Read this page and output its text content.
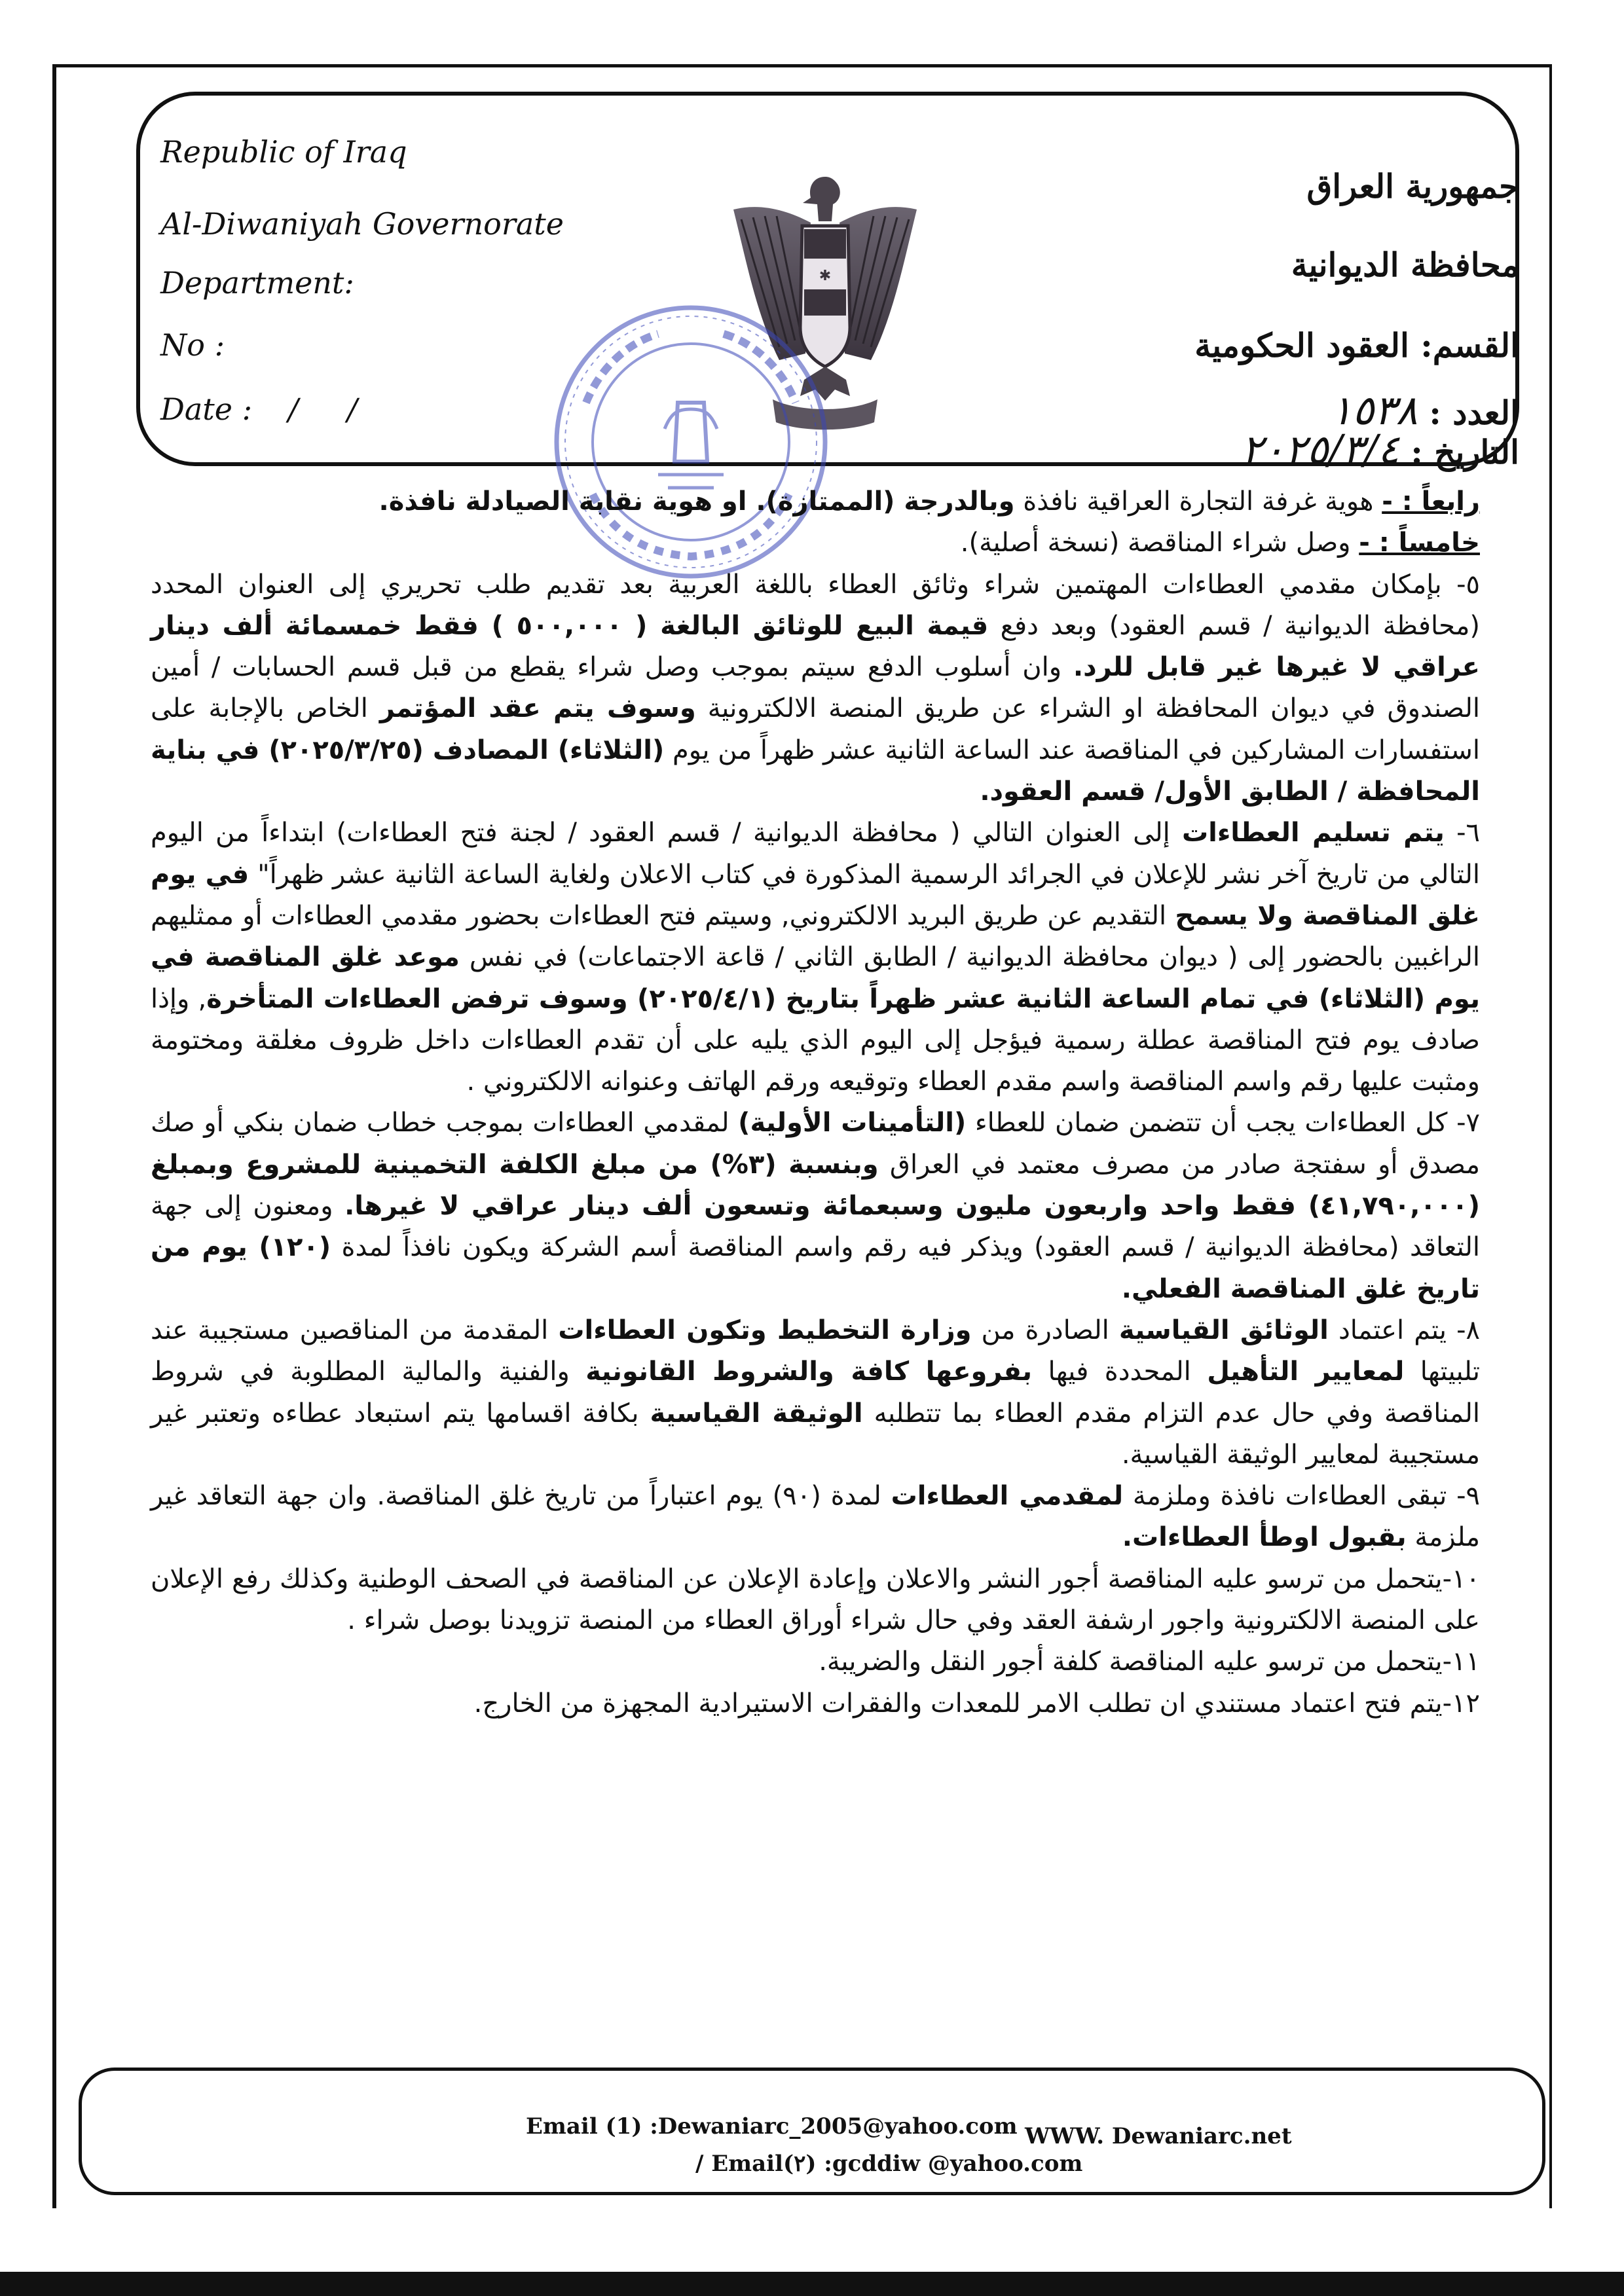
Republic of Iraq
Al-Diwaniyah Governorate
Department:
No :
Date : / /
جمهورية العراق
محافظة الديوانية
القسم: العقود الحكومية
العدد : ١٥٣٨
التاريخ : ٢٠٢٥/٣/٤
✱

رابعاً : - هوية غرفة التجارة العراقية نافذة وبالدرجة (الممتازة). او هوية نقابة الصيادلة نافذة.

خامساً : - وصل شراء المناقصة (نسخة أصلية).

٥- بإمكان مقدمي العطاءات المهتمين شراء وثائق العطاء باللغة العربية بعد تقديم طلب تحريري إلى العنوان المحدد (محافظة الديوانية / قسم العقود) وبعد دفع قيمة البيع للوثائق البالغة ( ٥٠٠,٠٠٠ ) فقط خمسمائة ألف دينار عراقي لا غيرها غير قابل للرد. وان أسلوب الدفع سيتم بموجب وصل شراء يقطع من قبل قسم الحسابات / أمين الصندوق في ديوان المحافظة او الشراء عن طريق المنصة الالكترونية وسوف يتم عقد المؤتمر الخاص بالإجابة على استفسارات المشاركين في المناقصة عند الساعة الثانية عشر ظهراً من يوم (الثلاثاء) المصادف (٢٠٢٥/٣/٢٥) في بناية المحافظة / الطابق الأول/ قسم العقود.

٦- يتم تسليم العطاءات إلى العنوان التالي ( محافظة الديوانية / قسم العقود / لجنة فتح العطاءات) ابتداءاً من اليوم التالي من تاريخ آخر نشر للإعلان في الجرائد الرسمية المذكورة في كتاب الاعلان ولغاية الساعة الثانية عشر ظهراً" في يوم غلق المناقصة ولا يسمح التقديم عن طريق البريد الالكتروني, وسيتم فتح العطاءات بحضور مقدمي العطاءات أو ممثليهم الراغبين بالحضور إلى ( ديوان محافظة الديوانية / الطابق الثاني / قاعة الاجتماعات) في نفس موعد غلق المناقصة في يوم (الثلاثاء) في تمام الساعة الثانية عشر ظهراً بتاريخ (٢٠٢٥/٤/١) وسوف ترفض العطاءات المتأخرة, وإذا صادف يوم فتح المناقصة عطلة رسمية فيؤجل إلى اليوم الذي يليه على أن تقدم العطاءات داخل ظروف مغلقة ومختومة ومثبت عليها رقم واسم المناقصة واسم مقدم العطاء وتوقيعه ورقم الهاتف وعنوانه الالكتروني .

٧- كل العطاءات يجب أن تتضمن ضمان للعطاء (التأمينات الأولية) لمقدمي العطاءات بموجب خطاب ضمان بنكي أو صك مصدق أو سفتجة صادر من مصرف معتمد في العراق وبنسبة (٣%) من مبلغ الكلفة التخمينية للمشروع وبمبلغ (٤١,٧٩٠,٠٠٠) فقط واحد واربعون مليون وسبعمائة وتسعون ألف دينار عراقي لا غيرها. ومعنون إلى جهة التعاقد (محافظة الديوانية / قسم العقود) ويذكر فيه رقم واسم المناقصة أسم الشركة ويكون نافذاً لمدة (١٢٠) يوم من تاريخ غلق المناقصة الفعلي.

٨- يتم اعتماد الوثائق القياسية الصادرة من وزارة التخطيط وتكون العطاءات المقدمة من المناقصين مستجيبة عند تلبيتها لمعايير التأهيل المحددة فيها بفروعها كافة والشروط القانونية والفنية والمالية المطلوبة في شروط المناقصة وفي حال عدم التزام مقدم العطاء بما تتطلبه الوثيقة القياسية بكافة اقسامها يتم استبعاد عطاءه وتعتبر غير مستجيبة لمعايير الوثيقة القياسية.

٩- تبقى العطاءات نافذة وملزمة لمقدمي العطاءات لمدة (٩٠) يوم اعتباراً من تاريخ غلق المناقصة. وان جهة التعاقد غير ملزمة بقبول اوطأ العطاءات.

١٠-يتحمل من ترسو عليه المناقصة أجور النشر والاعلان وإعادة الإعلان عن المناقصة في الصحف الوطنية وكذلك رفع الإعلان على المنصة الالكترونية واجور ارشفة العقد وفي حال شراء أوراق العطاء من المنصة تزويدنا بوصل شراء .

١١-يتحمل من ترسو عليه المناقصة كلفة أجور النقل والضريبة.

١٢-يتم فتح اعتماد مستندي ان تطلب الامر للمعدات والفقرات الاستيرادية المجهزة من الخارج.

Email (1) :Dewaniarc_2005@yahoo.com WWW. Dewaniarc.net
/ Email(٢) :gcddiw @yahoo.com
